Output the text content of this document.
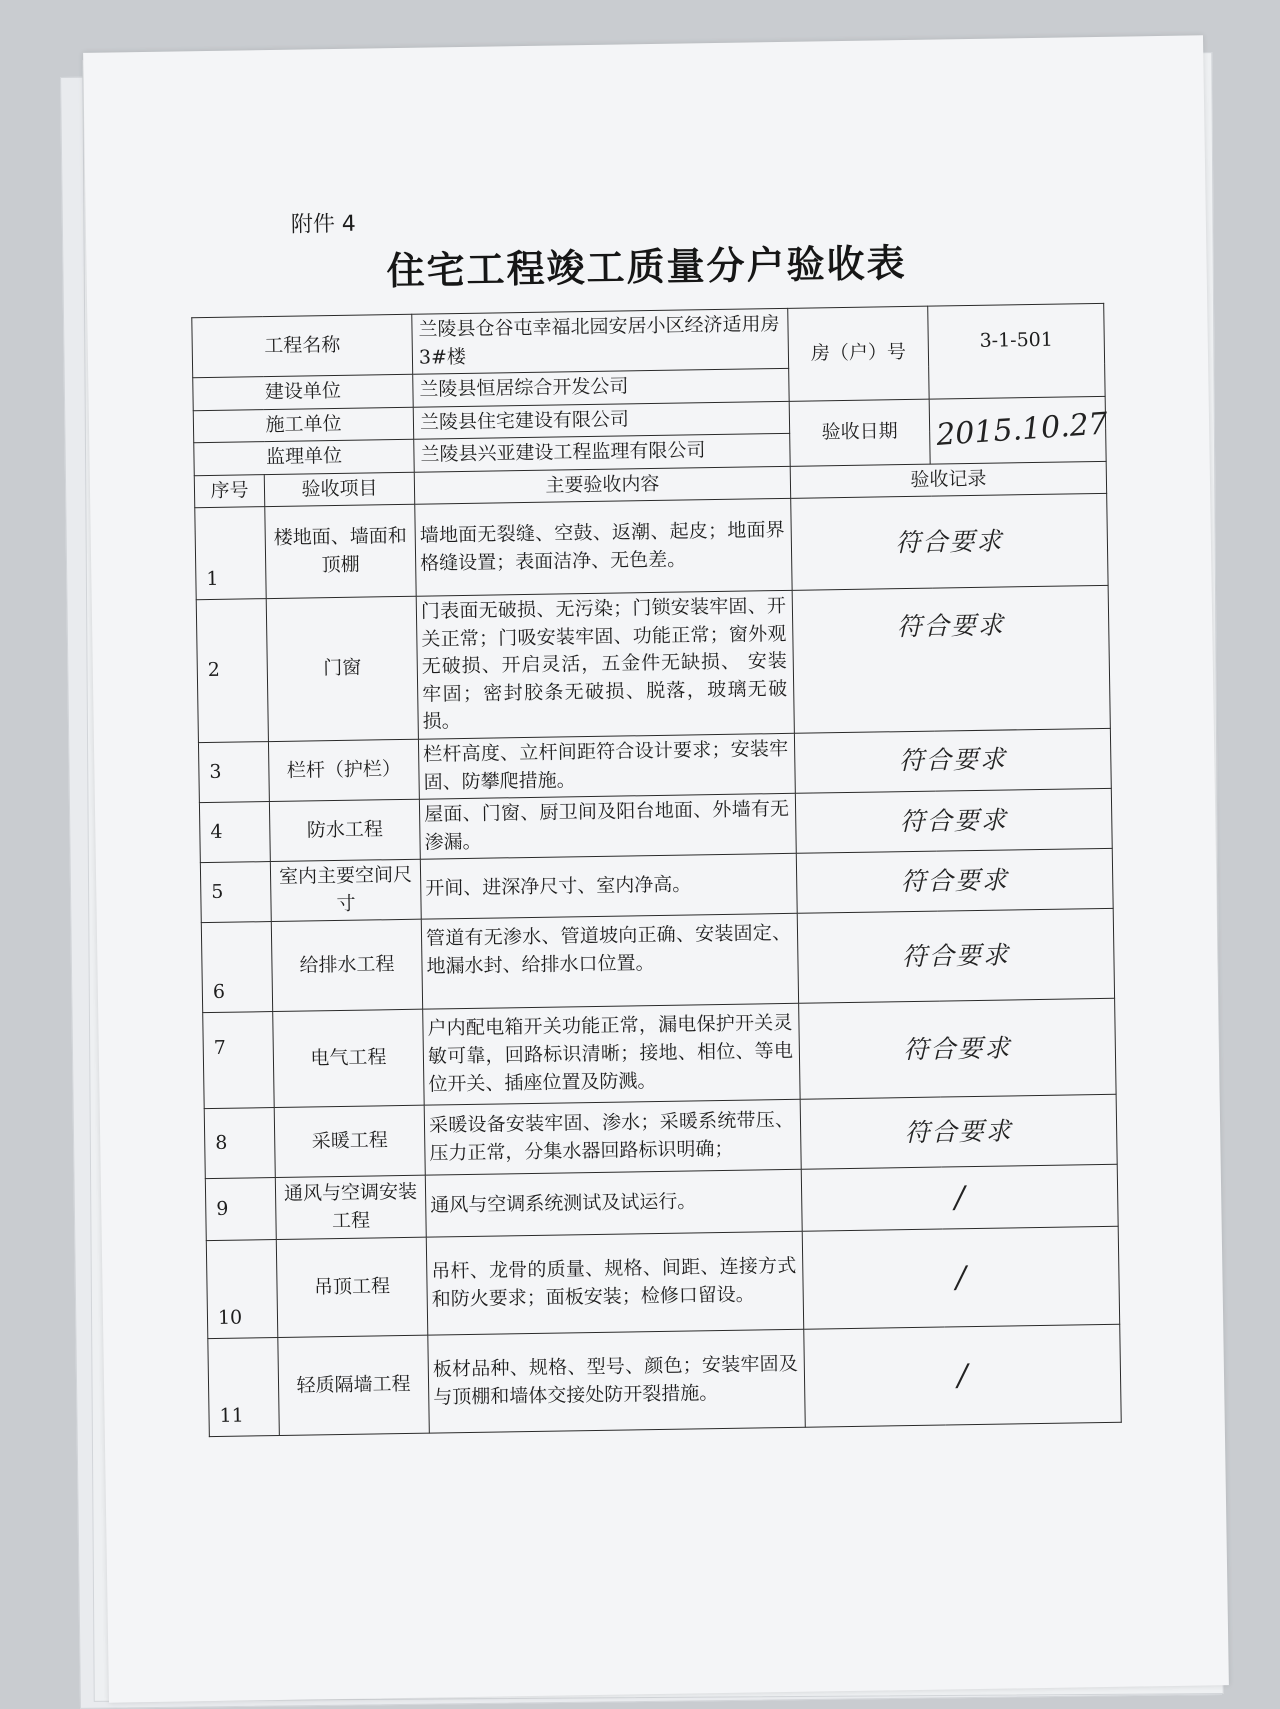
附件 4
住宅工程竣工质量分户验收表
工程名称		兰陵县仓谷屯幸福北园安居小区经济适用房3#楼	房（户）号	3-1-501
建设单位		兰陵县恒居综合开发公司		
施工单位		兰陵县住宅建设有限公司	验收日期	2015.10.27
监理单位		兰陵县兴亚建设工程监理有限公司		
序号	验收项目	主要验收内容	验收记录	
1	楼地面、墙面和顶棚	墙地面无裂缝、空鼓、返潮、起皮；地面界格缝设置；表面洁净、无色差。	符合要求	
2	门窗	门表面无破损、无污染；门锁安装牢固、开关正常；门吸安装牢固、功能正常；窗外观无破损、开启灵活，五金件无缺损、 安装牢固；密封胶条无破损、脱落，玻璃无破损。	符合要求	
3	栏杆（护栏）	栏杆高度、立杆间距符合设计要求；安装牢固、防攀爬措施。	符合要求	
4	防水工程	屋面、门窗、厨卫间及阳台地面、外墙有无渗漏。	符合要求	
5	室内主要空间尺寸	开间、进深净尺寸、室内净高。	符合要求	
6	给排水工程	管道有无渗水、管道坡向正确、安装固定、地漏水封、给排水口位置。	符合要求	
7	电气工程	户内配电箱开关功能正常，漏电保护开关灵敏可靠，回路标识清晰；接地、相位、等电位开关、插座位置及防溅。	符合要求	
8	采暖工程	采暖设备安装牢固、渗水；采暖系统带压、压力正常，分集水器回路标识明确；	符合要求	
9	通风与空调安装工程	通风与空调系统测试及试运行。	/	
10	吊顶工程	吊杆、龙骨的质量、规格、间距、连接方式和防火要求；面板安装；检修口留设。	/	
11	轻质隔墙工程	板材品种、规格、型号、颜色；安装牢固及与顶棚和墙体交接处防开裂措施。	/	
